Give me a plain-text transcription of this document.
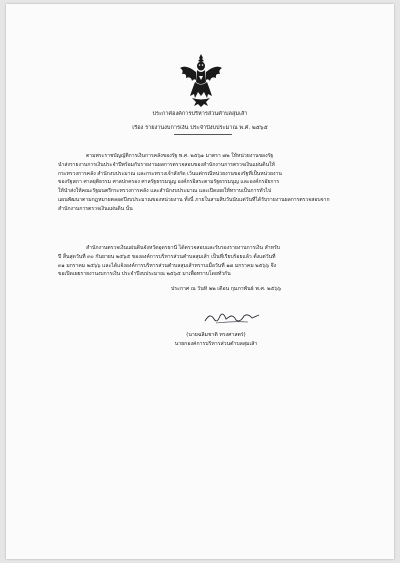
ประกาศองค์การบริหารส่วนตำบลสุมเส้า
เรื่อง รายงานงบการเงิน ประจำปีงบประมาณ พ.ศ. ๒๕๖๕
ตามพระราชบัญญัติการเงินการคลังของรัฐ พ.ศ. ๒๕๖๑ มาตรา ๗๒ ให้หน่วยงานของรัฐ
นำส่งรายงานการเงินประจำปีพร้อมกับรายงานผลการตรวจสอบของสำนักงานการตรวจเงินแผ่นดินให้
กระทรวงการคลัง สำนักงบประมาณ และกระทรวงเจ้าสังกัด เว้นแต่กรณีหน่วยงานของรัฐที่เป็นหน่วยงาน
ของรัฐสภา ศาลยุติธรรม ศาลปกครอง ศาลรัฐธรรมนูญ องค์กรอิสระตามรัฐธรรมนูญ และองค์กรอัยการ
ให้นำส่งให้คณะรัฐมนตรีกระทรวงการคลัง และสำนักงบประมาณ และเปิดเผยให้ทราบเป็นการทั่วไป
แผนพัฒนาตามกฎหมายตลอดปีงบประมาณของหน่วยงาน ทั้งนี้ ภายในสามสิบวันนับแต่วันที่ได้รับรายงานผลการตรวจสอบจาก
สำนักงานการตรวจเงินแผ่นดิน นั้น
สำนักงานตรวจเงินแผ่นดินจังหวัดอุดรธานี ได้ตรวจสอบและรับรองรายงานการเงิน สำหรับ
ปี สิ้นสุดวันที่ ๓๐ กันยายน ๒๕๖๕ ขององค์การบริหารส่วนตำบลสุมเส้า เป็นที่เรียบร้อยแล้ว ตั้งแต่วันที่
๓๑ มกราคม ๒๕๖๖ และได้แจ้งองค์การบริหารส่วนตำบลสุมเส้าทราบเมื่อวันที่ ๑๗ มกราคม ๒๕๖๖ จึง
ขอเปิดเผยรายงานงบการเงิน ประจำปีงบประมาณ ๒๕๖๕ มาเพื่อทราบโดยทั่วกัน
ประกาศ ณ วันที่ ๒๒ เดือน กุมภาพันธ์ พ.ศ. ๒๕๖๖
(นายฉลิมชาติ ทรงศาสตร์)
นายกองค์การบริหารส่วนตำบลสุมเส้า
